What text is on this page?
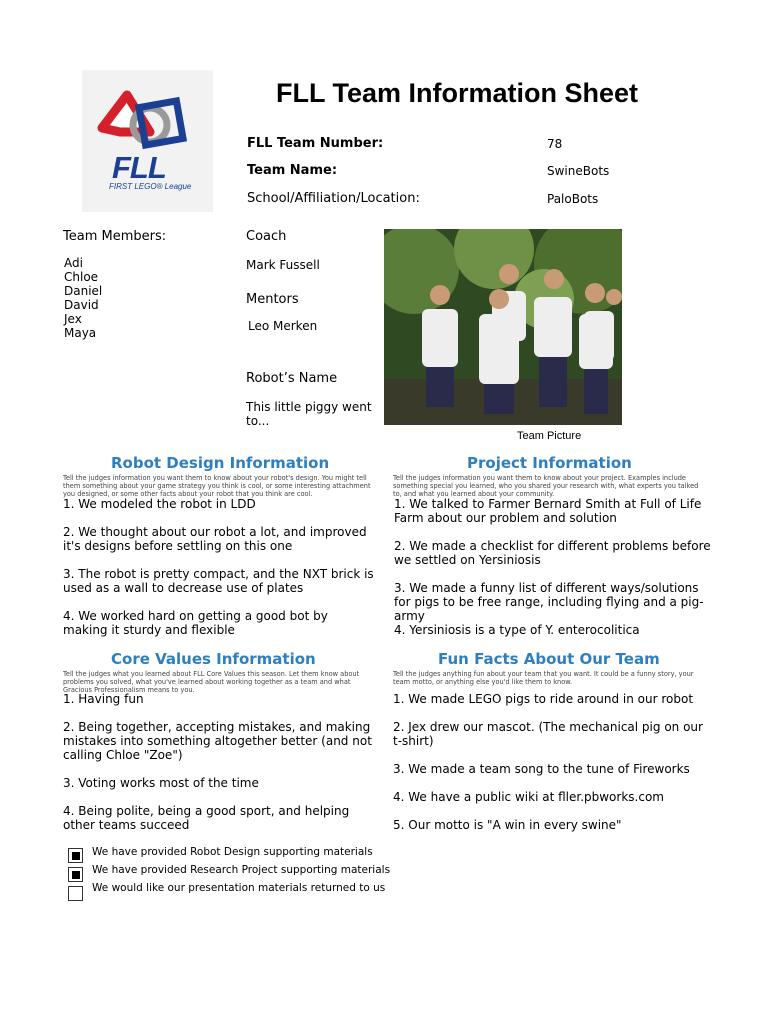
FLL
FIRST LEGO® League
FLL Team Information Sheet
FLL Team Number:	78
Team Name:	SwineBots
School/Affiliation/Location:	PaloBots
Team Members:
Adi
Chloe
Daniel
David
Jex
Maya
Coach
Mark Fussell
Mentors
Leo Merken
Robot’s Name
This little piggy went to...
Team Picture
Robot Design Information
Tell the judges information you want them to know about your robot's design. You might tell them something about your game strategy you think is cool, or some interesting attachment you designed, or some other facts about your robot that you think are cool.
1. We modeled the robot in LDD
2. We thought about our robot a lot, and improved it's designs before settling on this one
3. The robot is pretty compact, and the NXT brick is used as a wall to decrease use of plates
4. We worked hard on getting a good bot by making it sturdy and flexible
Project Information
Tell the judges information you want them to know about your project. Examples include something special you learned, who you shared your research with, what experts you talked to, and what you learned about your community.
1. We talked to Farmer Bernard Smith at Full of Life Farm about our problem and solution
2. We made a checklist for different problems before we settled on Yersiniosis
3. We made a funny list of different ways/solutions for pigs to be free range, including flying and a pig-army
4. Yersiniosis is a type of Y. enterocolitica
Core Values Information
Tell the judges what you learned about FLL Core Values this season. Let them know about problems you solved, what you've learned about working together as a team and what Gracious Professionalism means to you.
1. Having fun
2. Being together, accepting mistakes, and making mistakes into something altogether better (and not calling Chloe "Zoe")
3. Voting works most of the time
4. Being polite, being a good sport, and helping other teams succeed
Fun Facts About Our Team
Tell the judges anything fun about your team that you want. It could be a funny story, your team motto, or anything else you'd like them to know.
1. We made LEGO pigs to ride around in our robot
2. Jex drew our mascot. (The mechanical pig on our t-shirt)
3. We made a team song to the tune of Fireworks
4. We have a public wiki at fller.pbworks.com
5. Our motto is "A win in every swine"
We have provided Robot Design supporting materials
We have provided Research Project supporting materials
We would like our presentation materials returned to us
